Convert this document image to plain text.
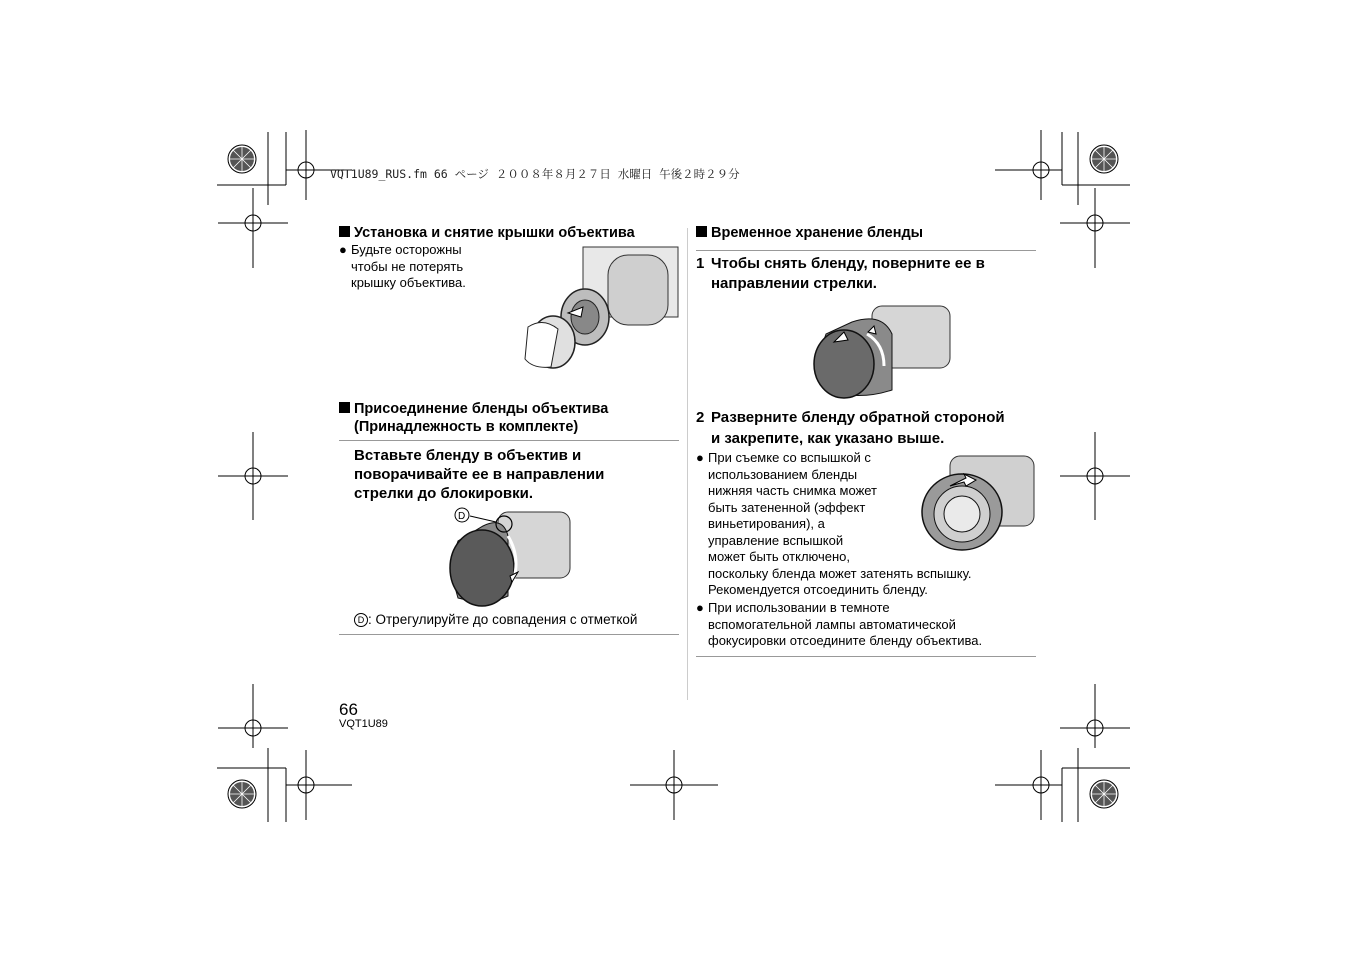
VQT1U89_RUS.fm 66 ページ ２００８年８月２７日 水曜日 午後２時２９分
Установка и снятие крышки объектива
● Будьте осторожны
чтобы не потерять
крышку объектива.
Присоединение бленды объектива
(Принадлежность в комплекте)
Вставьте бленду в объектив и
поворачивайте ее в направлении
стрелки до блокировки.
D
D : Отрегулируйте до совпадения с отметкой
Временное хранение бленды
1 Чтобы снять бленду, поверните ее в
направлении стрелки.
2 Разверните бленду обратной стороной
и закрепите, как указано выше.
● При съемке со вспышкой с
использованием бленды
нижняя часть снимка может
быть затененной (эффект
виньетирования), а
управление вспышкой
может быть отключено,
поскольку бленда может затенять вспышку.
Рекомендуется отсоединить бленду.
● При использовании в темноте
вспомогательной лампы автоматической
фокусировки отсоедините бленду объектива.
66
VQT1U89
